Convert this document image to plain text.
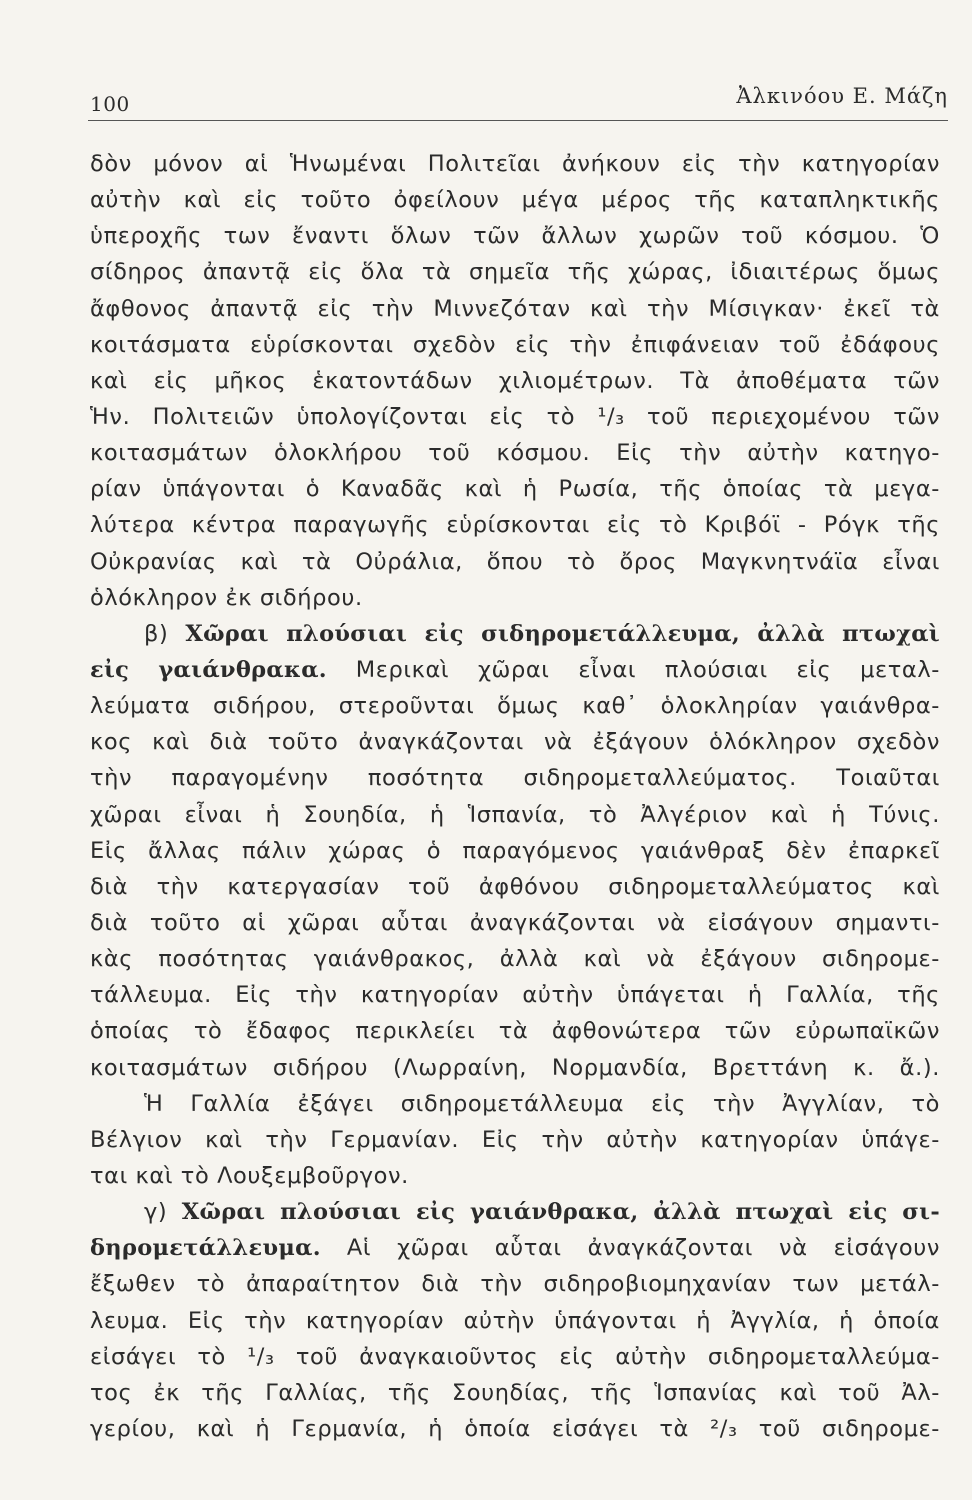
100	Ἀλκινόου Ε. Μάζη
δὸν μόνον αἱ Ἡνωμέναι Πολιτεῖαι ἀνήκουν εἰς τὴν κατηγορίαν
αὐτὴν καὶ εἰς τοῦτο ὀφείλουν μέγα μέρος τῆς καταπληκτικῆς
ὑπεροχῆς των ἔναντι ὅλων τῶν ἄλλων χωρῶν τοῦ κόσμου. Ὁ
σίδηρος ἀπαντᾷ εἰς ὅλα τὰ σημεῖα τῆς χώρας, ἰδιαιτέρως ὅμως
ἄφθονος ἀπαντᾷ εἰς τὴν Μιννεζόταν καὶ τὴν Μίσιγκαν· ἐκεῖ τὰ
κοιτάσματα εὑρίσκονται σχεδὸν εἰς τὴν ἐπιφάνειαν τοῦ ἐδάφους
καὶ εἰς μῆκος ἑκατοντάδων χιλιομέτρων. Τὰ ἀποθέματα τῶν
Ἡν. Πολιτειῶν ὑπολογίζονται εἰς τὸ ¹/₃ τοῦ περιεχομένου τῶν
κοιτασμάτων ὁλοκλήρου τοῦ κόσμου. Εἰς τὴν αὐτὴν κατηγο-
ρίαν ὑπάγονται ὁ Καναδᾶς καὶ ἡ Ρωσία, τῆς ὁποίας τὰ μεγα-
λύτερα κέντρα παραγωγῆς εὑρίσκονται εἰς τὸ Κριβόϊ - Ρόγκ τῆς
Οὐκρανίας καὶ τὰ Οὐράλια, ὅπου τὸ ὄρος Μαγκνητνάϊα εἶναι
ὁλόκληρον ἐκ σιδήρου.
β) Χῶραι πλούσιαι εἰς σιδηρομετάλλευμα, ἀλλὰ πτωχαὶ
εἰς γαιάνθρακα. Μερικαὶ χῶραι εἶναι πλούσιαι εἰς μεταλ-
λεύματα σιδήρου, στεροῦνται ὅμως καθ᾽ ὁλοκληρίαν γαιάνθρα-
κος καὶ διὰ τοῦτο ἀναγκάζονται νὰ ἐξάγουν ὁλόκληρον σχεδὸν
τὴν παραγομένην ποσότητα σιδηρομεταλλεύματος. Τοιαῦται
χῶραι εἶναι ἡ Σουηδία, ἡ Ἱσπανία, τὸ Ἀλγέριον καὶ ἡ Τύνις.
Εἰς ἄλλας πάλιν χώρας ὁ παραγόμενος γαιάνθραξ δὲν ἐπαρκεῖ
διὰ τὴν κατεργασίαν τοῦ ἀφθόνου σιδηρομεταλλεύματος καὶ
διὰ τοῦτο αἱ χῶραι αὗται ἀναγκάζονται νὰ εἰσάγουν σημαντι-
κὰς ποσότητας γαιάνθρακος, ἀλλὰ καὶ νὰ ἐξάγουν σιδηρομε-
τάλλευμα. Εἰς τὴν κατηγορίαν αὐτὴν ὑπάγεται ἡ Γαλλία, τῆς
ὁποίας τὸ ἔδαφος περικλείει τὰ ἀφθονώτερα τῶν εὐρωπαϊκῶν
κοιτασμάτων σιδήρου (Λωρραίνη, Νορμανδία, Βρεττάνη κ. ἄ.).
Ἡ Γαλλία ἐξάγει σιδηρομετάλλευμα εἰς τὴν Ἀγγλίαν, τὸ
Βέλγιον καὶ τὴν Γερμανίαν. Εἰς τὴν αὐτὴν κατηγορίαν ὑπάγε-
ται καὶ τὸ Λουξεμβοῦργον.
γ) Χῶραι πλούσιαι εἰς γαιάνθρακα, ἀλλὰ πτωχαὶ εἰς σι-
δηρομετάλλευμα. Αἱ χῶραι αὗται ἀναγκάζονται νὰ εἰσάγουν
ἔξωθεν τὸ ἀπαραίτητον διὰ τὴν σιδηροβιομηχανίαν των μετάλ-
λευμα. Εἰς τὴν κατηγορίαν αὐτὴν ὑπάγονται ἡ Ἀγγλία, ἡ ὁποία
εἰσάγει τὸ ¹/₃ τοῦ ἀναγκαιοῦντος εἰς αὐτὴν σιδηρομεταλλεύμα-
τος ἐκ τῆς Γαλλίας, τῆς Σουηδίας, τῆς Ἱσπανίας καὶ τοῦ Ἀλ-
γερίου, καὶ ἡ Γερμανία, ἡ ὁποία εἰσάγει τὰ ²/₃ τοῦ σιδηρομε-
